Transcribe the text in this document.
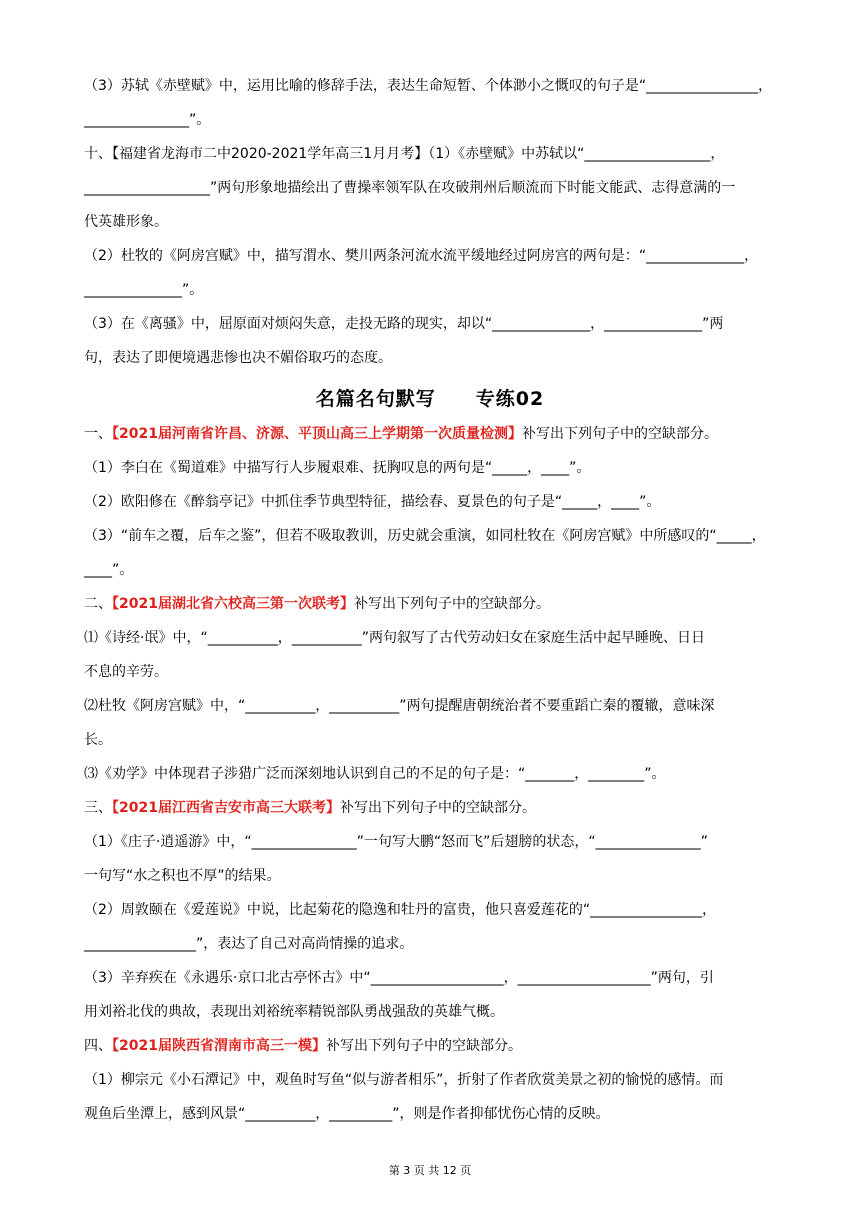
（3）苏轼《赤壁赋》中，运用比喻的修辞手法，表达生命短暂、个体渺小之慨叹的句子是“________________，
_______________”。
十、【福建省龙海市二中2020-2021学年高三1月月考】（1）《赤壁赋》中苏轼以“__________________，
__________________”两句形象地描绘出了曹操率领军队在攻破荆州后顺流而下时能文能武、志得意满的一
代英雄形象。
（2）杜牧的《阿房宫赋》中，描写渭水、樊川两条河流水流平缓地经过阿房宫的两句是：“______________，
______________”。
（3）在《离骚》中，屈原面对烦闷失意，走投无路的现实，却以“______________，______________”两
句，表达了即便境遇悲惨也决不媚俗取巧的态度。
名篇名句默写　　专练02
一、【2021届河南省许昌、济源、平顶山高三上学期第一次质量检测】补写出下列句子中的空缺部分。
（1）李白在《蜀道难》中描写行人步履艰难、抚胸叹息的两句是“_____，____”。
（2）欧阳修在《醉翁亭记》中抓住季节典型特征，描绘春、夏景色的句子是“_____，____”。
（3）“前车之覆，后车之鉴”，但若不吸取教训，历史就会重演，如同杜牧在《阿房宫赋》中所感叹的“_____，
____”。
二、【2021届湖北省六校高三第一次联考】补写出下列句子中的空缺部分。
⑴《诗经·氓》中，“__________，__________”两句叙写了古代劳动妇女在家庭生活中起早睡晚、日日
不息的辛劳。
⑵杜牧《阿房宫赋》中，“__________，__________”两句提醒唐朝统治者不要重蹈亡秦的覆辙，意味深
长。
⑶《劝学》中体现君子涉猎广泛而深刻地认识到自己的不足的句子是：“_______，________”。
三、【2021届江西省吉安市高三大联考】补写出下列句子中的空缺部分。
（1）《庄子·逍遥游》中，“_______________”一句写大鹏“怒而飞”后翅膀的状态，“_______________”
一句写“水之积也不厚”的结果。
（2）周敦颐在《爱莲说》中说，比起菊花的隐逸和牡丹的富贵，他只喜爱莲花的“________________，
________________”，表达了自己对高尚情操的追求。
（3）辛弃疾在《永遇乐·京口北古亭怀古》中“___________________，___________________”两句，引
用刘裕北伐的典故，表现出刘裕统率精锐部队勇战强敌的英雄气概。
四、【2021届陕西省渭南市高三一模】补写出下列句子中的空缺部分。
（1）柳宗元《小石潭记》中，观鱼时写鱼“似与游者相乐”，折射了作者欣赏美景之初的愉悦的感情。而
观鱼后坐潭上，感到风景“__________，_________”，则是作者抑郁忧伤心情的反映。
第 3 页 共 12 页
